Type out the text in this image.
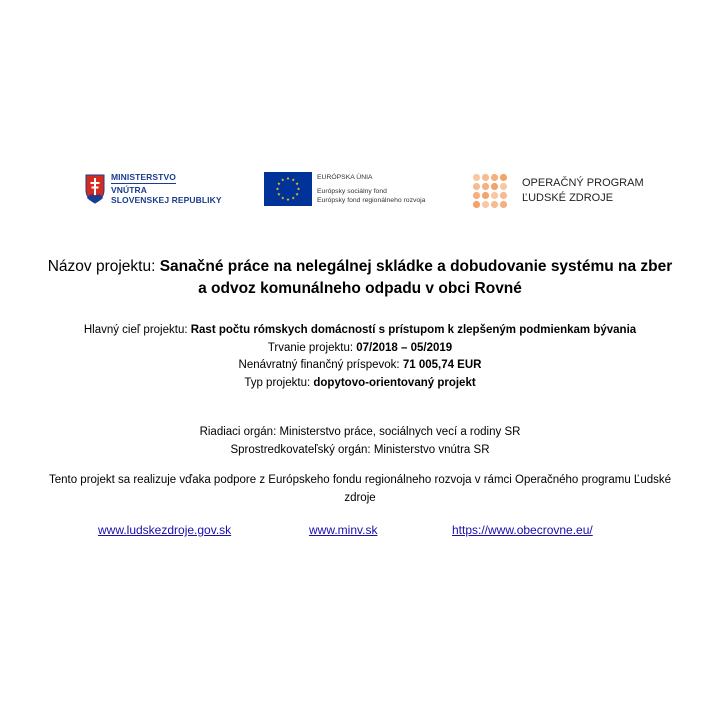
MINISTERSTVO
VNÚTRA
SLOVENSKEJ REPUBLIKY
EURÓPSKA ÚNIA
Európsky sociálny fond
Európsky fond regionálneho rozvoja
OPERAČNÝ PROGRAM
ĽUDSKÉ ZDROJE
Názov projektu: Sanačné práce na nelegálnej skládke a dobudovanie systému na zber
a odvoz komunálneho odpadu v obci Rovné
Hlavný cieľ projektu: Rast počtu rómskych domácností s prístupom k zlepšeným podmienkam bývania
Trvanie projektu: 07/2018 – 05/2019
Nenávratný finančný príspevok: 71 005,74 EUR
Typ projektu: dopytovo-orientovaný projekt
Riadiaci orgán: Ministerstvo práce, sociálnych vecí a rodiny SR
Sprostredkovateľský orgán: Ministerstvo vnútra SR
Tento projekt sa realizuje vďaka podpore z Európskeho fondu regionálneho rozvoja v rámci Operačného programu Ľudské
zdroje
www.ludskezdroje.gov.sk	www.minv.sk	https://www.obecrovne.eu/
